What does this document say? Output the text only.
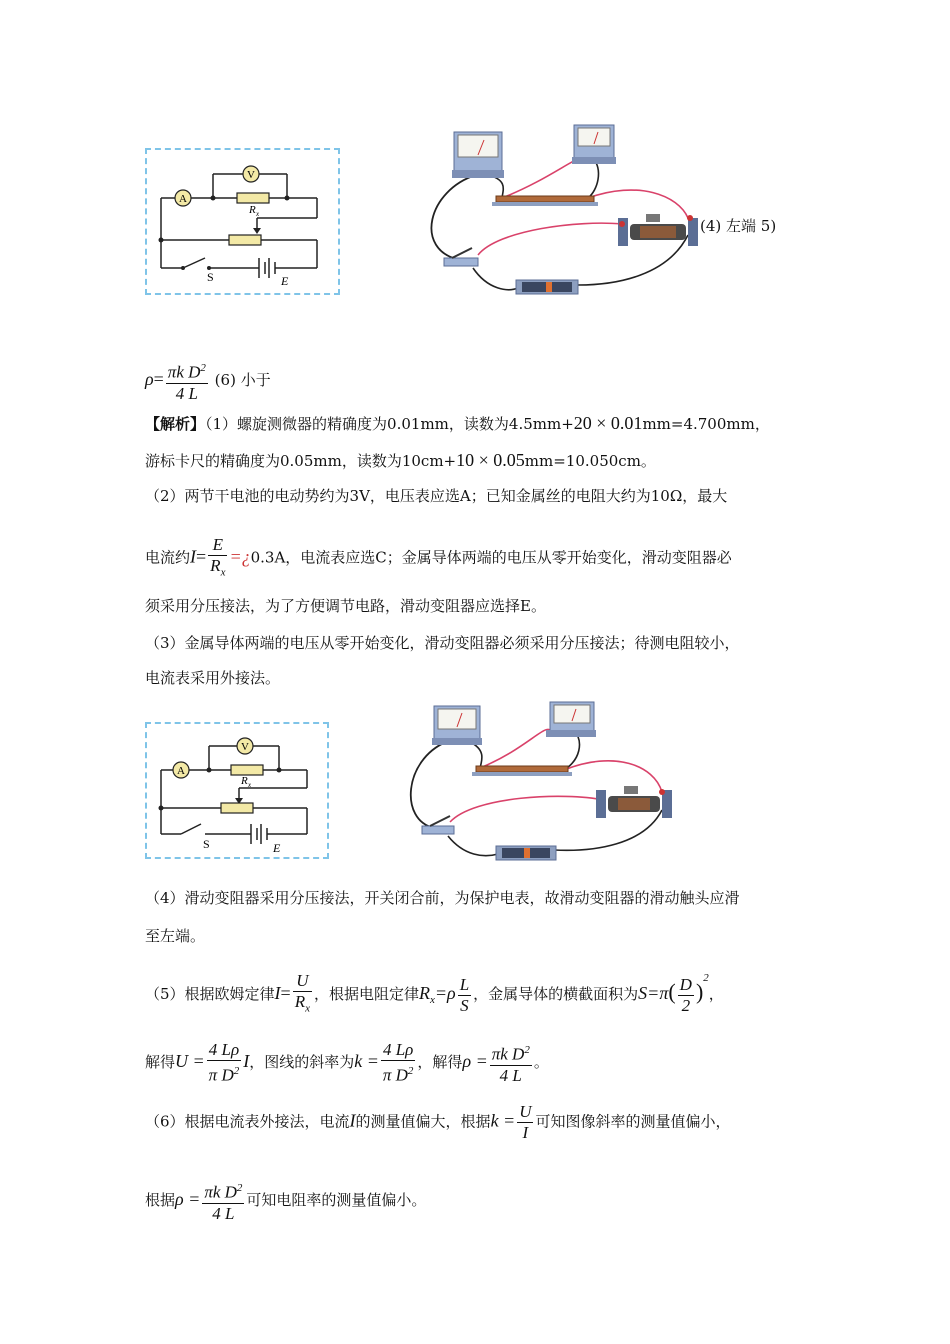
A
V
R x
S	E
(4) 左端 5)
$\rho= \frac{\pi k D^2}{4 L} (6)$ 小于
【解析】（1）螺旋测微器的精确度为0.01mm，读数为4.5mm+20 × 0.01mm=4.700mm，
游标卡尺的精确度为0.05mm，读数为10cm+10 × 0.05mm=10.050cm。
（2）两节干电池的电动势约为3V，电压表应选A；已知金属丝的电阻大约为10Ω，最大
电流约$I= \frac{E}{R_x}$ =¿0.3A，电流表应选C；金属导体两端的电压从零开始变化，滑动变阻器必
须采用分压接法，为了方便调节电路，滑动变阻器应选择E。
（3）金属导体两端的电压从零开始变化，滑动变阻器必须采用分压接法；待测电阻较小，
电流表采用外接法。
A
V
R x
S	E
（4）滑动变阻器采用分压接法，开关闭合前，为保护电表，故滑动变阻器的滑动触头应滑
至左端。
（5）根据欧姆定律$I= \frac{U}{R_x}$ ，根据电阻定律$R_x=\rho \frac{L}{S}$ ，金属导体的横截面积为$S=\pi( \frac{D}{2} )^2$，
解得$U = \frac{4 L\rho}{\pi D^2}$ I，图线的斜率为$k = \frac{4 L\rho}{\pi D^2}$ ，解得$\rho = \frac{\pi k D^2}{4 L}$ 。
（6）根据电流表外接法，电流I的测量值偏大，根据$k = \frac{U}{I}$ 可知图像斜率的测量值偏小，
根据$\rho = \frac{\pi k D^2}{4 L}$ 可知电阻率的测量值偏小。
